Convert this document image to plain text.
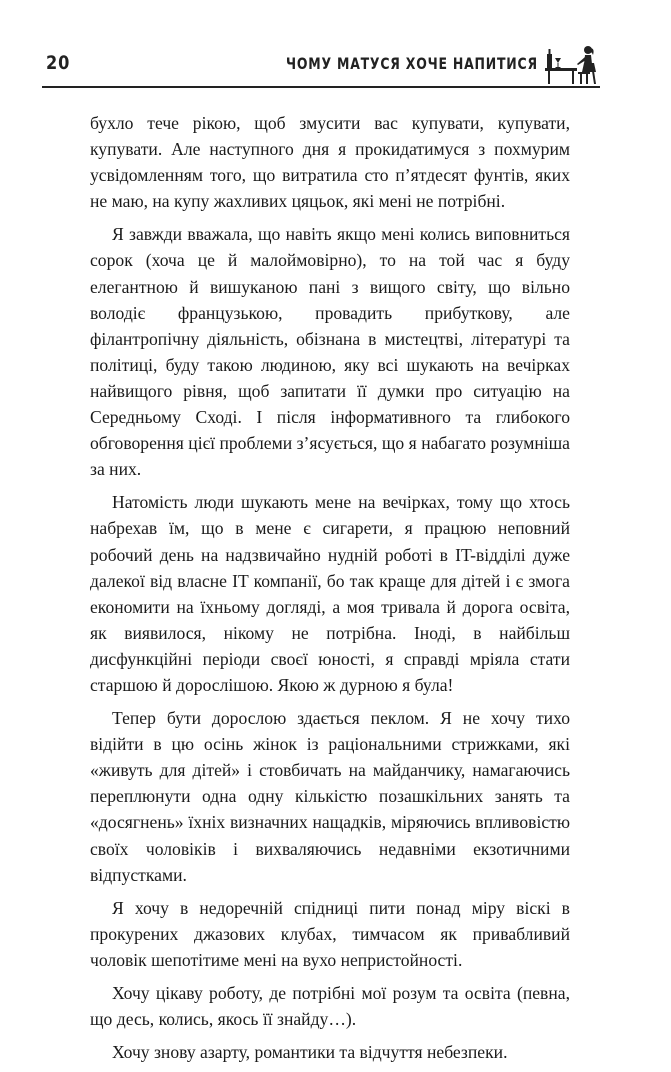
20	ЧОМУ МАТУСЯ ХОЧЕ НАПИТИСЯ

бухло тече рікою, щоб змусити вас купувати, купувати, купувати. Але наступного дня я прокидатимуся з похмурим усвідомленням того, що витратила сто п’ятдесят фунтів, яких не маю, на купу жахливих цяцьок, які мені не потрібні.

Я завжди вважала, що навіть якщо мені колись виповниться сорок (хоча це й малоймовірно), то на той час я буду елегантною й вишуканою пані з вищого світу, що вільно володіє французькою, провадить прибуткову, але філантропічну діяльність, обізнана в мистецтві, літературі та політиці, буду такою людиною, яку всі шукають на вечірках найвищого рівня, щоб запитати її думки про ситуацію на Середньому Сході. І після інформативного та глибокого обговорення цієї проблеми з’ясується, що я набагато розумніша за них.

Натомість люди шукають мене на вечірках, тому що хтось набрехав їм, що в мене є сигарети, я працюю неповний робочий день на надзвичайно нудній роботі в IT-відділі дуже далекої від власне IT компанії, бо так краще для дітей і є змога економити на їхньому догляді, а моя тривала й дорога освіта, як виявилося, нікому не потрібна. Іноді, в найбільш дисфункційні періоди своєї юності, я справді мріяла стати старшою й дорослішою. Якою ж дурною я була!

Тепер бути дорослою здається пеклом. Я не хочу тихо відійти в цю осінь жінок із раціональними стрижками, які «живуть для дітей» і стовбичать на майданчику, намагаючись переплюнути одна одну кількістю позашкільних занять та «досягнень» їхніх визначних нащадків, міряючись впливовістю своїх чоловіків і вихваляючись недавніми екзотичними відпустками.

Я хочу в недоречній спідниці пити понад міру віскі в прокурених джазових клубах, тимчасом як привабливий чоловік шепотітиме мені на вухо непристойності.

Хочу цікаву роботу, де потрібні мої розум та освіта (певна, що десь, колись, якось її знайду…).

Хочу знову азарту, романтики та відчуття небезпеки.
